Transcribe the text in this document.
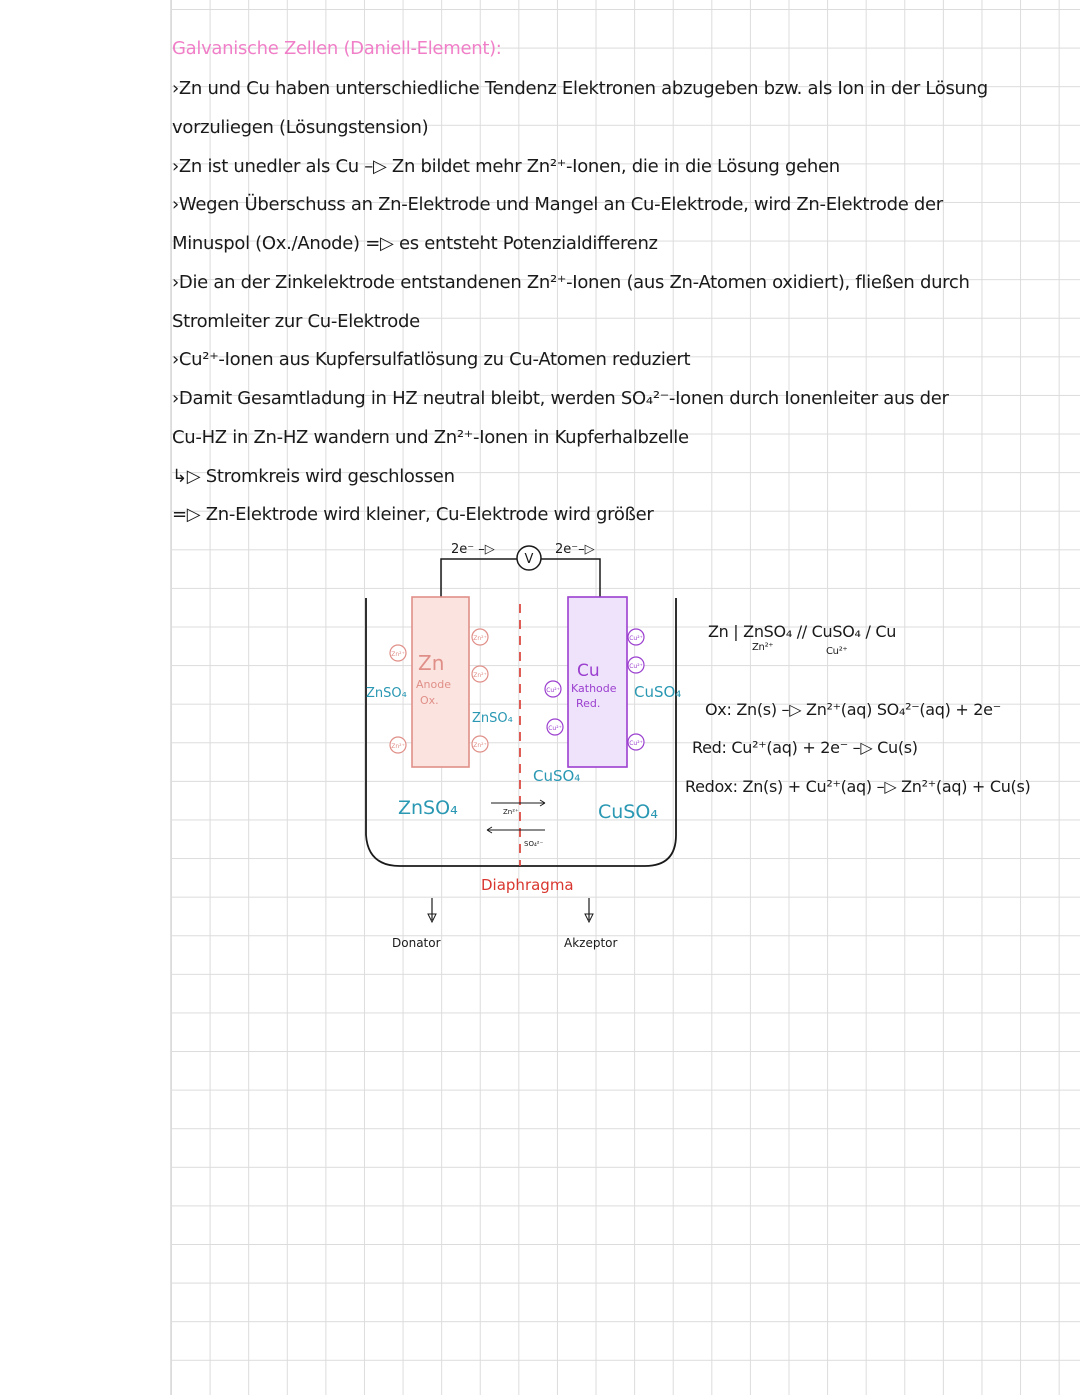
Galvanische Zellen (Daniell-Element):
›Zn und Cu haben unterschiedliche Tendenz Elektronen abzugeben bzw. als Ion in der Lösung
vorzuliegen (Lösungstension)
›Zn ist unedler als Cu –▷ Zn bildet mehr Zn²⁺-Ionen, die in die Lösung gehen
›Wegen Überschuss an Zn-Elektrode und Mangel an Cu-Elektrode, wird Zn-Elektrode der
Minuspol (Ox./Anode) =▷ es entsteht Potenzialdifferenz
›Die an der Zinkelektrode entstandenen Zn²⁺-Ionen (aus Zn-Atomen oxidiert), fließen durch
Stromleiter zur Cu-Elektrode
›Cu²⁺-Ionen aus Kupfersulfatlösung zu Cu-Atomen reduziert
›Damit Gesamtladung in HZ neutral bleibt, werden SO₄²⁻-Ionen durch Ionenleiter aus der
Cu-HZ in Zn-HZ wandern und Zn²⁺-Ionen in Kupferhalbzelle
↳▷ Stromkreis wird geschlossen
=▷ Zn-Elektrode wird kleiner, Cu-Elektrode wird größer
V
2e⁻ –▷	2e⁻–▷
Zn
Anode
Ox.
Cu
Kathode
Red.
Zn²⁺
Zn²⁺
Zn²⁺
Zn²⁺
Zn²⁺
Cu²⁺
Cu²⁺
Cu²⁺
Cu²⁺
Cu²⁺
ZnSO₄
ZnSO₄
CuSO₄
CuSO₄
ZnSO₄	CuSO₄
Zn²⁺
SO₄²⁻
Diaphragma
Donator	Akzeptor
Zn | ZnSO₄ // CuSO₄ / Cu
Zn²⁺	Cu²⁺
Ox: Zn(s) –▷ Zn²⁺(aq) SO₄²⁻(aq) + 2e⁻
Red: Cu²⁺(aq) + 2e⁻ –▷ Cu(s)
Redox: Zn(s) + Cu²⁺(aq) –▷ Zn²⁺(aq) + Cu(s)
